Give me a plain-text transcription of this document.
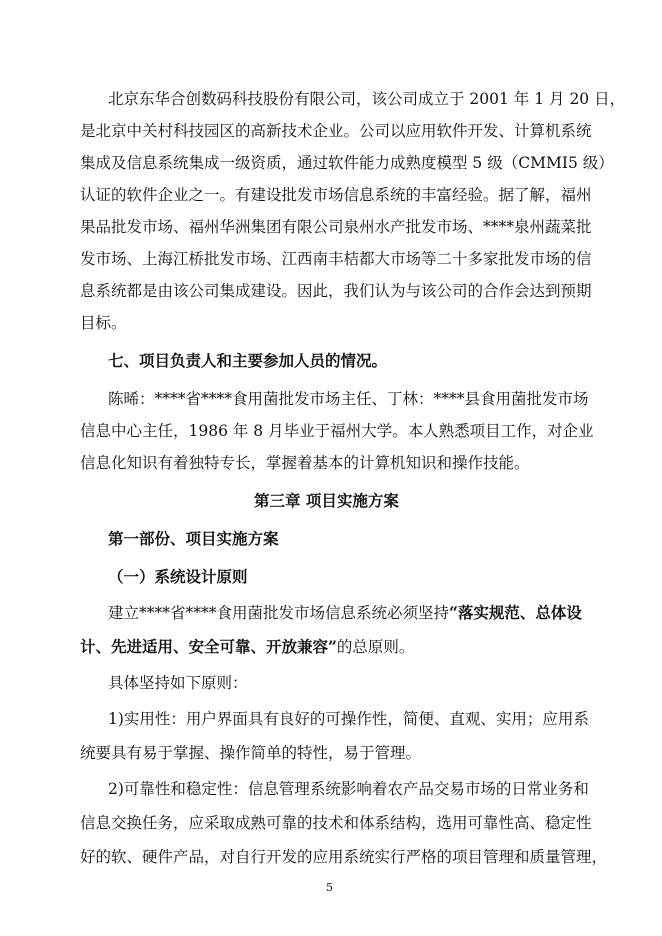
北京东华合创数码科技股份有限公司，该公司成立于 2001 年 1 月 20 日，
是北京中关村科技园区的高新技术企业。公司以应用软件开发、计算机系统
集成及信息系统集成一级资质，通过软件能力成熟度模型 5 级（CMMI5 级）
认证的软件企业之一。有建设批发市场信息系统的丰富经验。据了解，福州
果品批发市场、福州华洲集团有限公司泉州水产批发市场、****泉州蔬菜批
发市场、上海江桥批发市场、江西南丰桔都大市场等二十多家批发市场的信
息系统都是由该公司集成建设。因此，我们认为与该公司的合作会达到预期
目标。
七、项目负责人和主要参加人员的情况。
陈晞：****省****食用菌批发市场主任、丁林：****县食用菌批发市场
信息中心主任，1986 年 8 月毕业于福州大学。本人熟悉项目工作，对企业
信息化知识有着独特专长，掌握着基本的计算机知识和操作技能。
第三章 项目实施方案
第一部份、项目实施方案
（一）系统设计原则
建立****省****食用菌批发市场信息系统必须坚持“落实规范、总体设
计、先进适用、安全可靠、开放兼容”的总原则。
具体坚持如下原则：
1)实用性：用户界面具有良好的可操作性，简便、直观、实用；应用系
统要具有易于掌握、操作简单的特性，易于管理。
2)可靠性和稳定性：信息管理系统影响着农产品交易市场的日常业务和
信息交换任务，应采取成熟可靠的技术和体系结构，选用可靠性高、稳定性
好的软、硬件产品，对自行开发的应用系统实行严格的项目管理和质量管理，
5
